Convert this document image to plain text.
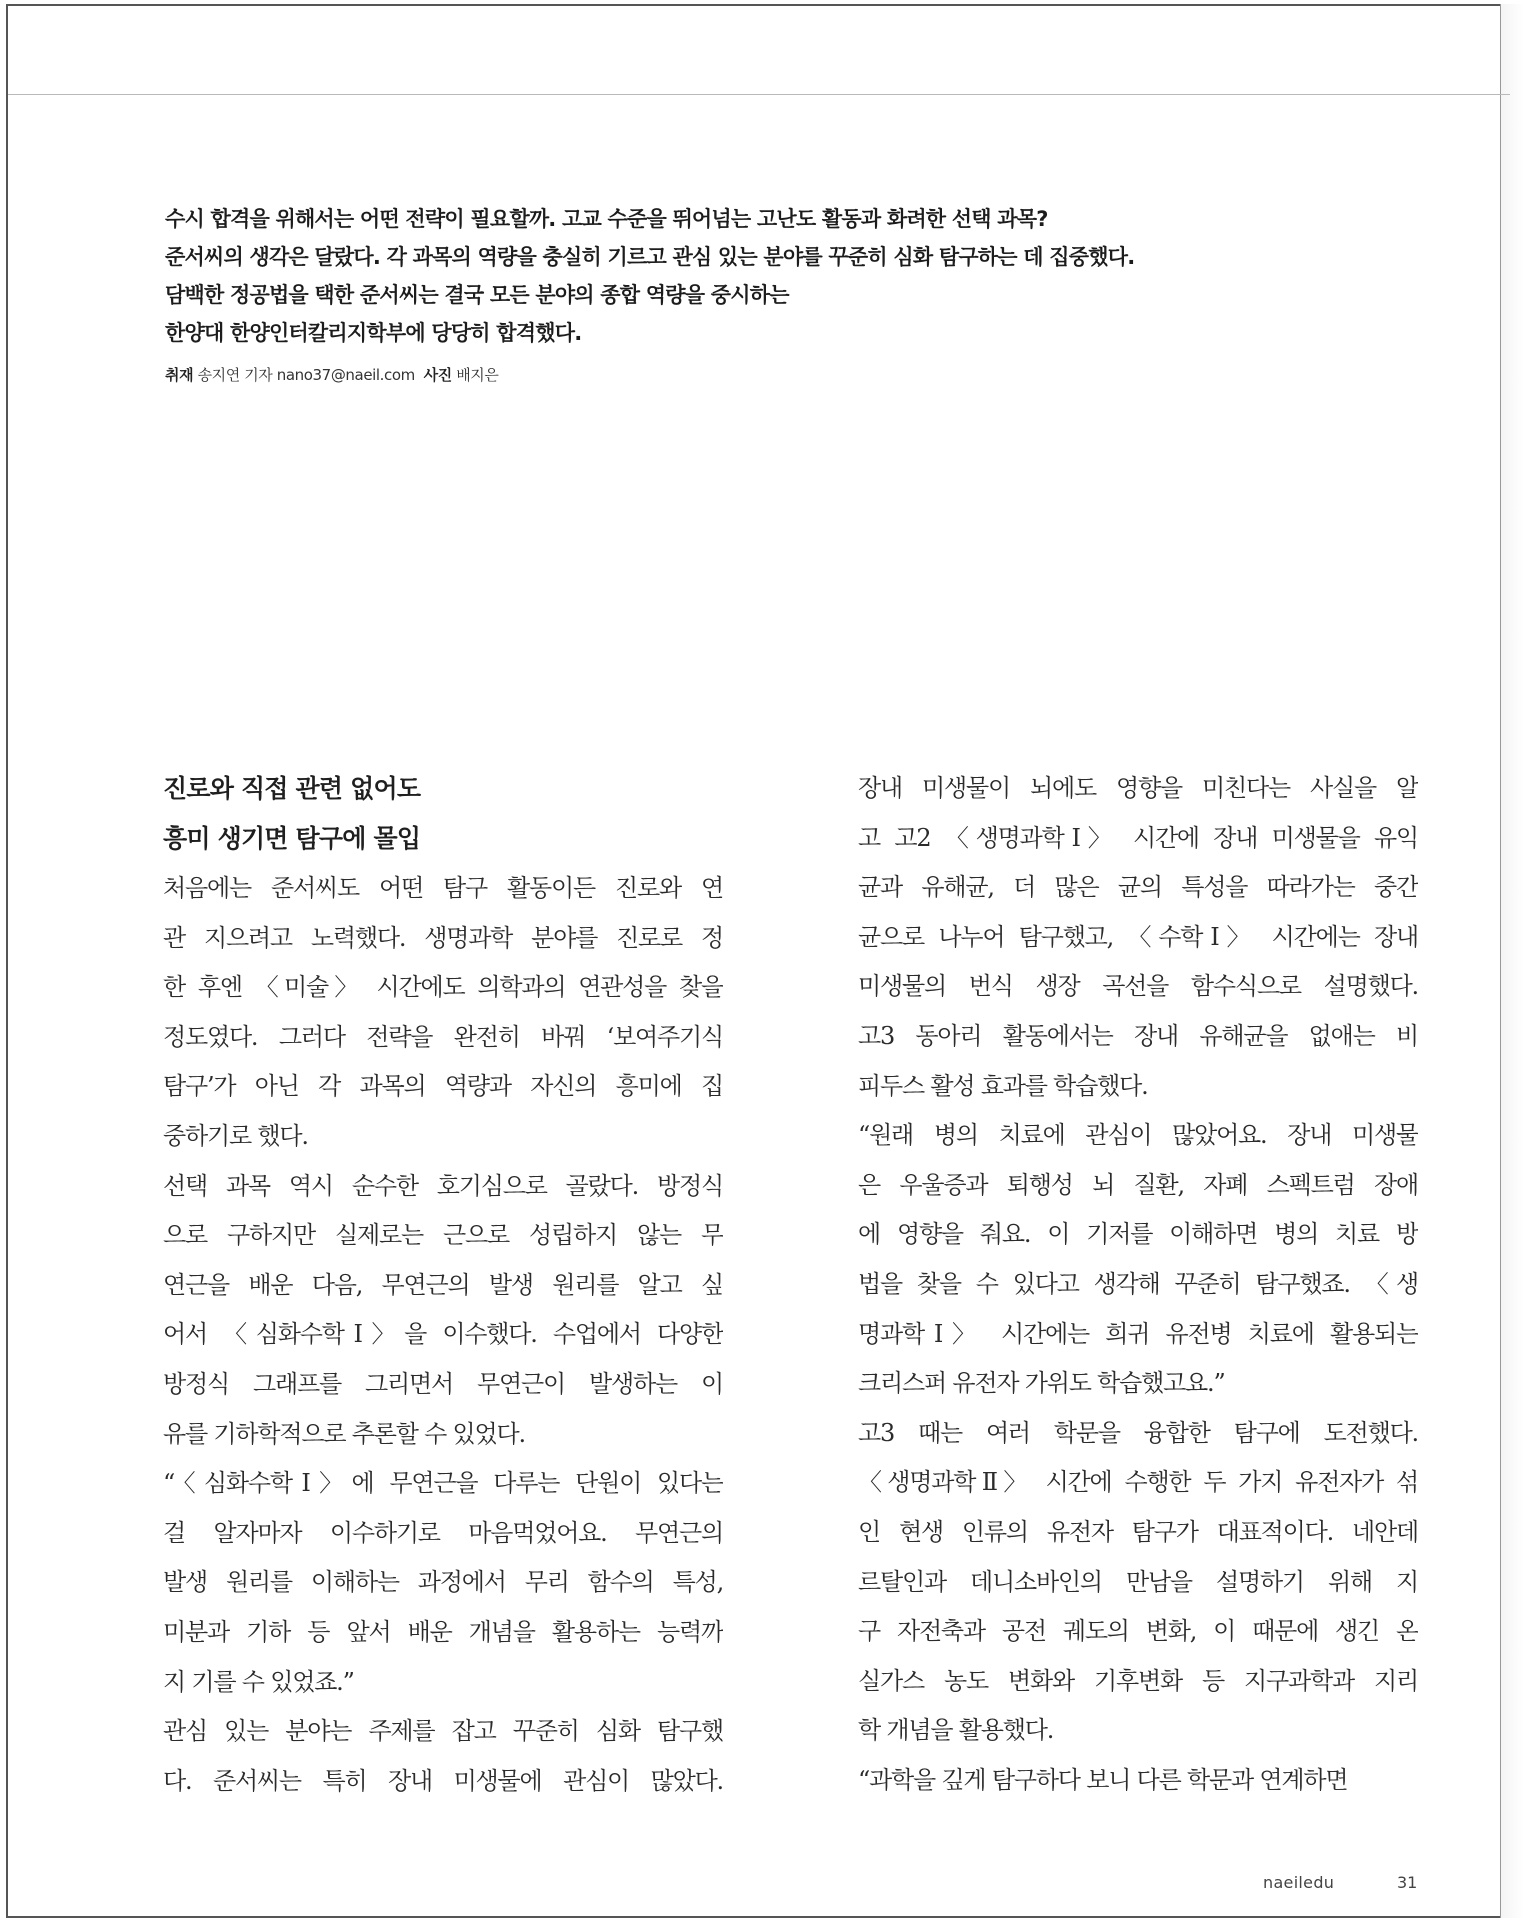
수시 합격을 위해서는 어떤 전략이 필요할까. 고교 수준을 뛰어넘는 고난도 활동과 화려한 선택 과목?

준서씨의 생각은 달랐다. 각 과목의 역량을 충실히 기르고 관심 있는 분야를 꾸준히 심화 탐구하는 데 집중했다.

담백한 정공법을 택한 준서씨는 결국 모든 분야의 종합 역량을 중시하는

한양대 한양인터칼리지학부에 당당히 합격했다.

취재 송지연 기자 nano37@naeil.com 사진 배지은

진로와 직접 관련 없어도

흥미 생기면 탐구에 몰입

처음에는 준서씨도 어떤 탐구 활동이든 진로와 연

관 지으려고 노력했다. 생명과학 분야를 진로로 정

한 후엔 〈미술〉 시간에도 의학과의 연관성을 찾을

정도였다. 그러다 전략을 완전히 바꿔 ‘보여주기식

탐구’가 아닌 각 과목의 역량과 자신의 흥미에 집

중하기로 했다.

선택 과목 역시 순수한 호기심으로 골랐다. 방정식

으로 구하지만 실제로는 근으로 성립하지 않는 무

연근을 배운 다음, 무연근의 발생 원리를 알고 싶

어서 〈심화수학Ⅰ〉을 이수했다. 수업에서 다양한

방정식 그래프를 그리면서 무연근이 발생하는 이

유를 기하학적으로 추론할 수 있었다.

“〈심화수학Ⅰ〉에 무연근을 다루는 단원이 있다는

걸 알자마자 이수하기로 마음먹었어요. 무연근의

발생 원리를 이해하는 과정에서 무리 함수의 특성,

미분과 기하 등 앞서 배운 개념을 활용하는 능력까

지 기를 수 있었죠.”

관심 있는 분야는 주제를 잡고 꾸준히 심화 탐구했

다. 준서씨는 특히 장내 미생물에 관심이 많았다.

장내 미생물이 뇌에도 영향을 미친다는 사실을 알

고 고2 〈생명과학Ⅰ〉 시간에 장내 미생물을 유익

균과 유해균, 더 많은 균의 특성을 따라가는 중간

균으로 나누어 탐구했고, 〈수학Ⅰ〉 시간에는 장내

미생물의 번식 생장 곡선을 함수식으로 설명했다.

고3 동아리 활동에서는 장내 유해균을 없애는 비

피두스 활성 효과를 학습했다.

“원래 병의 치료에 관심이 많았어요. 장내 미생물

은 우울증과 퇴행성 뇌 질환, 자폐 스펙트럼 장애

에 영향을 줘요. 이 기저를 이해하면 병의 치료 방

법을 찾을 수 있다고 생각해 꾸준히 탐구했죠. 〈생

명과학Ⅰ〉 시간에는 희귀 유전병 치료에 활용되는

크리스퍼 유전자 가위도 학습했고요.”

고3 때는 여러 학문을 융합한 탐구에 도전했다.

〈생명과학Ⅱ〉 시간에 수행한 두 가지 유전자가 섞

인 현생 인류의 유전자 탐구가 대표적이다. 네안데

르탈인과 데니소바인의 만남을 설명하기 위해 지

구 자전축과 공전 궤도의 변화, 이 때문에 생긴 온

실가스 농도 변화와 기후변화 등 지구과학과 지리

학 개념을 활용했다.

“과학을 깊게 탐구하다 보니 다른 학문과 연계하면

naeiledu	31
